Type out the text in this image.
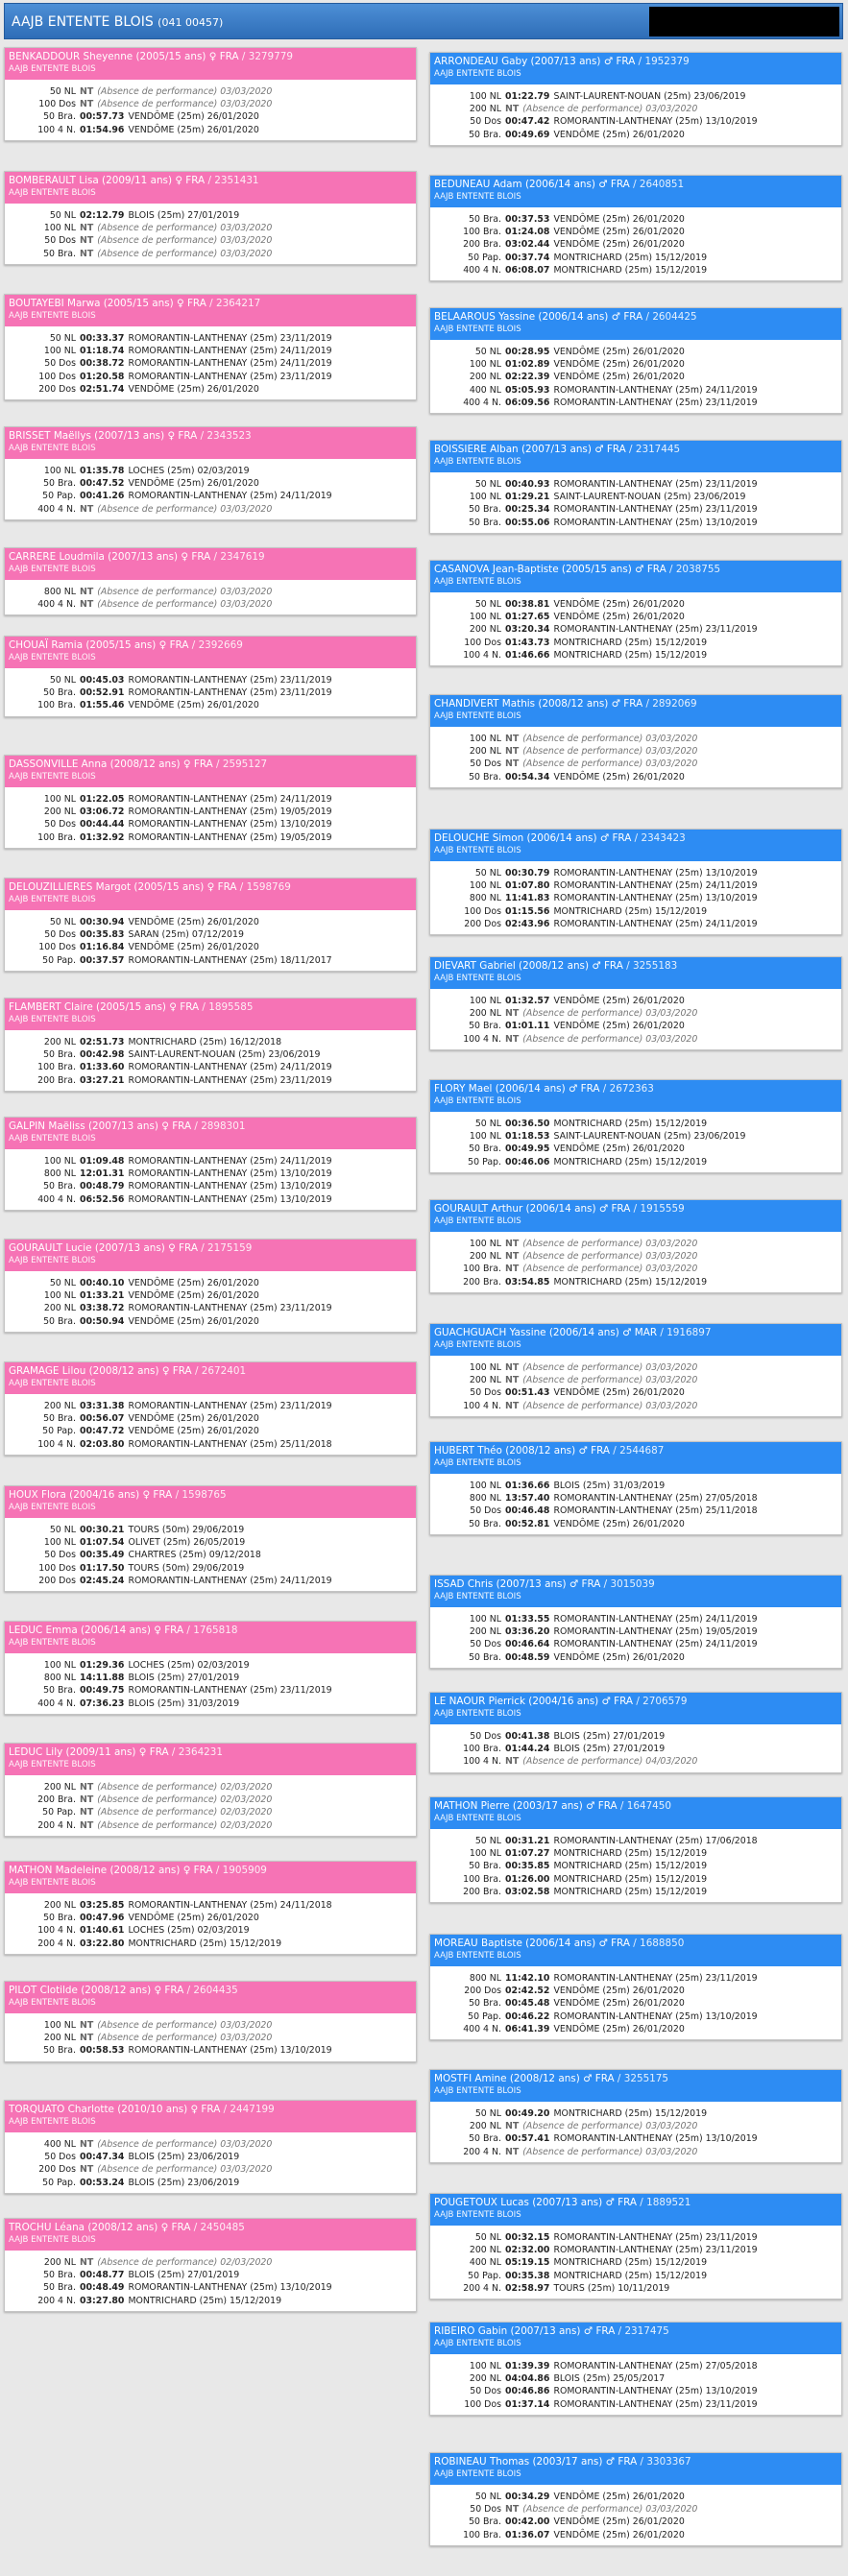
AAJB ENTENTE BLOIS (041 00457)
BENKADDOUR Sheyenne (2005/15 ans) ♀ FRA / 3279779
AAJB ENTENTE BLOIS
50 NL NT (Absence de performance) 03/03/2020
100 Dos NT (Absence de performance) 03/03/2020
50 Bra. 00:57.73 VENDÔME (25m) 26/01/2020
100 4 N. 01:54.96 VENDÔME (25m) 26/01/2020
BOMBERAULT Lisa (2009/11 ans) ♀ FRA / 2351431
AAJB ENTENTE BLOIS
50 NL 02:12.79 BLOIS (25m) 27/01/2019
100 NL NT (Absence de performance) 03/03/2020
50 Dos NT (Absence de performance) 03/03/2020
50 Bra. NT (Absence de performance) 03/03/2020
BOUTAYEBI Marwa (2005/15 ans) ♀ FRA / 2364217
AAJB ENTENTE BLOIS
50 NL 00:33.37 ROMORANTIN-LANTHENAY (25m) 23/11/2019
100 NL 01:18.74 ROMORANTIN-LANTHENAY (25m) 24/11/2019
50 Dos 00:38.72 ROMORANTIN-LANTHENAY (25m) 24/11/2019
100 Dos 01:20.58 ROMORANTIN-LANTHENAY (25m) 23/11/2019
200 Dos 02:51.74 VENDÔME (25m) 26/01/2020
BRISSET Maëllys (2007/13 ans) ♀ FRA / 2343523
AAJB ENTENTE BLOIS
100 NL 01:35.78 LOCHES (25m) 02/03/2019
50 Bra. 00:47.52 VENDÔME (25m) 26/01/2020
50 Pap. 00:41.26 ROMORANTIN-LANTHENAY (25m) 24/11/2019
400 4 N. NT (Absence de performance) 03/03/2020
CARRERE Loudmila (2007/13 ans) ♀ FRA / 2347619
AAJB ENTENTE BLOIS
800 NL NT (Absence de performance) 03/03/2020
400 4 N. NT (Absence de performance) 03/03/2020
CHOUAÏ Ramia (2005/15 ans) ♀ FRA / 2392669
AAJB ENTENTE BLOIS
50 NL 00:45.03 ROMORANTIN-LANTHENAY (25m) 23/11/2019
50 Bra. 00:52.91 ROMORANTIN-LANTHENAY (25m) 23/11/2019
100 Bra. 01:55.46 VENDÔME (25m) 26/01/2020
DASSONVILLE Anna (2008/12 ans) ♀ FRA / 2595127
AAJB ENTENTE BLOIS
100 NL 01:22.05 ROMORANTIN-LANTHENAY (25m) 24/11/2019
200 NL 03:06.72 ROMORANTIN-LANTHENAY (25m) 19/05/2019
50 Dos 00:44.44 ROMORANTIN-LANTHENAY (25m) 13/10/2019
100 Bra. 01:32.92 ROMORANTIN-LANTHENAY (25m) 19/05/2019
DELOUZILLIERES Margot (2005/15 ans) ♀ FRA / 1598769
AAJB ENTENTE BLOIS
50 NL 00:30.94 VENDÔME (25m) 26/01/2020
50 Dos 00:35.83 SARAN (25m) 07/12/2019
100 Dos 01:16.84 VENDÔME (25m) 26/01/2020
50 Pap. 00:37.57 ROMORANTIN-LANTHENAY (25m) 18/11/2017
FLAMBERT Claire (2005/15 ans) ♀ FRA / 1895585
AAJB ENTENTE BLOIS
200 NL 02:51.73 MONTRICHARD (25m) 16/12/2018
50 Bra. 00:42.98 SAINT-LAURENT-NOUAN (25m) 23/06/2019
100 Bra. 01:33.60 ROMORANTIN-LANTHENAY (25m) 24/11/2019
200 Bra. 03:27.21 ROMORANTIN-LANTHENAY (25m) 23/11/2019
GALPIN Maëliss (2007/13 ans) ♀ FRA / 2898301
AAJB ENTENTE BLOIS
100 NL 01:09.48 ROMORANTIN-LANTHENAY (25m) 24/11/2019
800 NL 12:01.31 ROMORANTIN-LANTHENAY (25m) 13/10/2019
50 Bra. 00:48.79 ROMORANTIN-LANTHENAY (25m) 13/10/2019
400 4 N. 06:52.56 ROMORANTIN-LANTHENAY (25m) 13/10/2019
GOURAULT Lucie (2007/13 ans) ♀ FRA / 2175159
AAJB ENTENTE BLOIS
50 NL 00:40.10 VENDÔME (25m) 26/01/2020
100 NL 01:33.21 VENDÔME (25m) 26/01/2020
200 NL 03:38.72 ROMORANTIN-LANTHENAY (25m) 23/11/2019
50 Bra. 00:50.94 VENDÔME (25m) 26/01/2020
GRAMAGE Lilou (2008/12 ans) ♀ FRA / 2672401
AAJB ENTENTE BLOIS
200 NL 03:31.38 ROMORANTIN-LANTHENAY (25m) 23/11/2019
50 Bra. 00:56.07 VENDÔME (25m) 26/01/2020
50 Pap. 00:47.72 VENDÔME (25m) 26/01/2020
100 4 N. 02:03.80 ROMORANTIN-LANTHENAY (25m) 25/11/2018
HOUX Flora (2004/16 ans) ♀ FRA / 1598765
AAJB ENTENTE BLOIS
50 NL 00:30.21 TOURS (50m) 29/06/2019
100 NL 01:07.54 OLIVET (25m) 26/05/2019
50 Dos 00:35.49 CHARTRES (25m) 09/12/2018
100 Dos 01:17.50 TOURS (50m) 29/06/2019
200 Dos 02:45.24 ROMORANTIN-LANTHENAY (25m) 24/11/2019
LEDUC Emma (2006/14 ans) ♀ FRA / 1765818
AAJB ENTENTE BLOIS
100 NL 01:29.36 LOCHES (25m) 02/03/2019
800 NL 14:11.88 BLOIS (25m) 27/01/2019
50 Bra. 00:49.75 ROMORANTIN-LANTHENAY (25m) 23/11/2019
400 4 N. 07:36.23 BLOIS (25m) 31/03/2019
LEDUC Lily (2009/11 ans) ♀ FRA / 2364231
AAJB ENTENTE BLOIS
200 NL NT (Absence de performance) 02/03/2020
200 Bra. NT (Absence de performance) 02/03/2020
50 Pap. NT (Absence de performance) 02/03/2020
200 4 N. NT (Absence de performance) 02/03/2020
MATHON Madeleine (2008/12 ans) ♀ FRA / 1905909
AAJB ENTENTE BLOIS
200 NL 03:25.85 ROMORANTIN-LANTHENAY (25m) 24/11/2018
50 Bra. 00:47.96 VENDÔME (25m) 26/01/2020
100 4 N. 01:40.61 LOCHES (25m) 02/03/2019
200 4 N. 03:22.80 MONTRICHARD (25m) 15/12/2019
PILOT Clotilde (2008/12 ans) ♀ FRA / 2604435
AAJB ENTENTE BLOIS
100 NL NT (Absence de performance) 03/03/2020
200 NL NT (Absence de performance) 03/03/2020
50 Bra. 00:58.53 ROMORANTIN-LANTHENAY (25m) 13/10/2019
TORQUATO Charlotte (2010/10 ans) ♀ FRA / 2447199
AAJB ENTENTE BLOIS
400 NL NT (Absence de performance) 03/03/2020
50 Dos 00:47.34 BLOIS (25m) 23/06/2019
200 Dos NT (Absence de performance) 03/03/2020
50 Pap. 00:53.24 BLOIS (25m) 23/06/2019
TROCHU Léana (2008/12 ans) ♀ FRA / 2450485
AAJB ENTENTE BLOIS
200 NL NT (Absence de performance) 02/03/2020
50 Bra. 00:48.77 BLOIS (25m) 27/01/2019
50 Bra. 00:48.49 ROMORANTIN-LANTHENAY (25m) 13/10/2019
200 4 N. 03:27.80 MONTRICHARD (25m) 15/12/2019
ARRONDEAU Gaby (2007/13 ans) ♂ FRA / 1952379
AAJB ENTENTE BLOIS
100 NL 01:22.79 SAINT-LAURENT-NOUAN (25m) 23/06/2019
200 NL NT (Absence de performance) 03/03/2020
50 Dos 00:47.42 ROMORANTIN-LANTHENAY (25m) 13/10/2019
50 Bra. 00:49.69 VENDÔME (25m) 26/01/2020
BEDUNEAU Adam (2006/14 ans) ♂ FRA / 2640851
AAJB ENTENTE BLOIS
50 Bra. 00:37.53 VENDÔME (25m) 26/01/2020
100 Bra. 01:24.08 VENDÔME (25m) 26/01/2020
200 Bra. 03:02.44 VENDÔME (25m) 26/01/2020
50 Pap. 00:37.74 MONTRICHARD (25m) 15/12/2019
400 4 N. 06:08.07 MONTRICHARD (25m) 15/12/2019
BELAAROUS Yassine (2006/14 ans) ♂ FRA / 2604425
AAJB ENTENTE BLOIS
50 NL 00:28.95 VENDÔME (25m) 26/01/2020
100 NL 01:02.89 VENDÔME (25m) 26/01/2020
200 NL 02:22.39 VENDÔME (25m) 26/01/2020
400 NL 05:05.93 ROMORANTIN-LANTHENAY (25m) 24/11/2019
400 4 N. 06:09.56 ROMORANTIN-LANTHENAY (25m) 23/11/2019
BOISSIERE Alban (2007/13 ans) ♂ FRA / 2317445
AAJB ENTENTE BLOIS
50 NL 00:40.93 ROMORANTIN-LANTHENAY (25m) 23/11/2019
100 NL 01:29.21 SAINT-LAURENT-NOUAN (25m) 23/06/2019
50 Bra. 00:25.34 ROMORANTIN-LANTHENAY (25m) 23/11/2019
50 Bra. 00:55.06 ROMORANTIN-LANTHENAY (25m) 13/10/2019
CASANOVA Jean-Baptiste (2005/15 ans) ♂ FRA / 2038755
AAJB ENTENTE BLOIS
50 NL 00:38.81 VENDÔME (25m) 26/01/2020
100 NL 01:27.65 VENDÔME (25m) 26/01/2020
200 NL 03:20.34 ROMORANTIN-LANTHENAY (25m) 23/11/2019
100 Dos 01:43.73 MONTRICHARD (25m) 15/12/2019
100 4 N. 01:46.66 MONTRICHARD (25m) 15/12/2019
CHANDIVERT Mathis (2008/12 ans) ♂ FRA / 2892069
AAJB ENTENTE BLOIS
100 NL NT (Absence de performance) 03/03/2020
200 NL NT (Absence de performance) 03/03/2020
50 Dos NT (Absence de performance) 03/03/2020
50 Bra. 00:54.34 VENDÔME (25m) 26/01/2020
DELOUCHE Simon (2006/14 ans) ♂ FRA / 2343423
AAJB ENTENTE BLOIS
50 NL 00:30.79 ROMORANTIN-LANTHENAY (25m) 13/10/2019
100 NL 01:07.80 ROMORANTIN-LANTHENAY (25m) 24/11/2019
800 NL 11:41.83 ROMORANTIN-LANTHENAY (25m) 13/10/2019
100 Dos 01:15.56 MONTRICHARD (25m) 15/12/2019
200 Dos 02:43.96 ROMORANTIN-LANTHENAY (25m) 24/11/2019
DIEVART Gabriel (2008/12 ans) ♂ FRA / 3255183
AAJB ENTENTE BLOIS
100 NL 01:32.57 VENDÔME (25m) 26/01/2020
200 NL NT (Absence de performance) 03/03/2020
50 Bra. 01:01.11 VENDÔME (25m) 26/01/2020
100 4 N. NT (Absence de performance) 03/03/2020
FLORY Mael (2006/14 ans) ♂ FRA / 2672363
AAJB ENTENTE BLOIS
50 NL 00:36.50 MONTRICHARD (25m) 15/12/2019
100 NL 01:18.53 SAINT-LAURENT-NOUAN (25m) 23/06/2019
50 Bra. 00:49.95 VENDÔME (25m) 26/01/2020
50 Pap. 00:46.06 MONTRICHARD (25m) 15/12/2019
GOURAULT Arthur (2006/14 ans) ♂ FRA / 1915559
AAJB ENTENTE BLOIS
100 NL NT (Absence de performance) 03/03/2020
200 NL NT (Absence de performance) 03/03/2020
100 Bra. NT (Absence de performance) 03/03/2020
200 Bra. 03:54.85 MONTRICHARD (25m) 15/12/2019
GUACHGUACH Yassine (2006/14 ans) ♂ MAR / 1916897
AAJB ENTENTE BLOIS
100 NL NT (Absence de performance) 03/03/2020
200 NL NT (Absence de performance) 03/03/2020
50 Dos 00:51.43 VENDÔME (25m) 26/01/2020
100 4 N. NT (Absence de performance) 03/03/2020
HUBERT Théo (2008/12 ans) ♂ FRA / 2544687
AAJB ENTENTE BLOIS
100 NL 01:36.66 BLOIS (25m) 31/03/2019
800 NL 13:57.40 ROMORANTIN-LANTHENAY (25m) 27/05/2018
50 Dos 00:46.48 ROMORANTIN-LANTHENAY (25m) 25/11/2018
50 Bra. 00:52.81 VENDÔME (25m) 26/01/2020
ISSAD Chris (2007/13 ans) ♂ FRA / 3015039
AAJB ENTENTE BLOIS
100 NL 01:33.55 ROMORANTIN-LANTHENAY (25m) 24/11/2019
200 NL 03:36.20 ROMORANTIN-LANTHENAY (25m) 19/05/2019
50 Dos 00:46.64 ROMORANTIN-LANTHENAY (25m) 24/11/2019
50 Bra. 00:48.59 VENDÔME (25m) 26/01/2020
LE NAOUR Pierrick (2004/16 ans) ♂ FRA / 2706579
AAJB ENTENTE BLOIS
50 Dos 00:41.38 BLOIS (25m) 27/01/2019
100 Bra. 01:44.24 BLOIS (25m) 27/01/2019
100 4 N. NT (Absence de performance) 04/03/2020
MATHON Pierre (2003/17 ans) ♂ FRA / 1647450
AAJB ENTENTE BLOIS
50 NL 00:31.21 ROMORANTIN-LANTHENAY (25m) 17/06/2018
100 NL 01:07.27 MONTRICHARD (25m) 15/12/2019
50 Bra. 00:35.85 MONTRICHARD (25m) 15/12/2019
100 Bra. 01:26.00 MONTRICHARD (25m) 15/12/2019
200 Bra. 03:02.58 MONTRICHARD (25m) 15/12/2019
MOREAU Baptiste (2006/14 ans) ♂ FRA / 1688850
AAJB ENTENTE BLOIS
800 NL 11:42.10 ROMORANTIN-LANTHENAY (25m) 23/11/2019
200 Dos 02:42.52 VENDÔME (25m) 26/01/2020
50 Bra. 00:45.48 VENDÔME (25m) 26/01/2020
50 Pap. 00:46.22 ROMORANTIN-LANTHENAY (25m) 13/10/2019
400 4 N. 06:41.39 VENDÔME (25m) 26/01/2020
MOSTFI Amine (2008/12 ans) ♂ FRA / 3255175
AAJB ENTENTE BLOIS
50 NL 00:49.20 MONTRICHARD (25m) 15/12/2019
200 NL NT (Absence de performance) 03/03/2020
50 Bra. 00:57.41 ROMORANTIN-LANTHENAY (25m) 13/10/2019
200 4 N. NT (Absence de performance) 03/03/2020
POUGETOUX Lucas (2007/13 ans) ♂ FRA / 1889521
AAJB ENTENTE BLOIS
50 NL 00:32.15 ROMORANTIN-LANTHENAY (25m) 23/11/2019
200 NL 02:32.00 ROMORANTIN-LANTHENAY (25m) 23/11/2019
400 NL 05:19.15 MONTRICHARD (25m) 15/12/2019
50 Pap. 00:35.38 MONTRICHARD (25m) 15/12/2019
200 4 N. 02:58.97 TOURS (25m) 10/11/2019
RIBEIRO Gabin (2007/13 ans) ♂ FRA / 2317475
AAJB ENTENTE BLOIS
100 NL 01:39.39 ROMORANTIN-LANTHENAY (25m) 27/05/2018
200 NL 04:04.86 BLOIS (25m) 25/05/2017
50 Dos 00:46.86 ROMORANTIN-LANTHENAY (25m) 13/10/2019
100 Dos 01:37.14 ROMORANTIN-LANTHENAY (25m) 23/11/2019
ROBINEAU Thomas (2003/17 ans) ♂ FRA / 3303367
AAJB ENTENTE BLOIS
50 NL 00:34.29 VENDÔME (25m) 26/01/2020
50 Dos NT (Absence de performance) 03/03/2020
50 Bra. 00:42.00 VENDÔME (25m) 26/01/2020
100 Bra. 01:36.07 VENDÔME (25m) 26/01/2020
